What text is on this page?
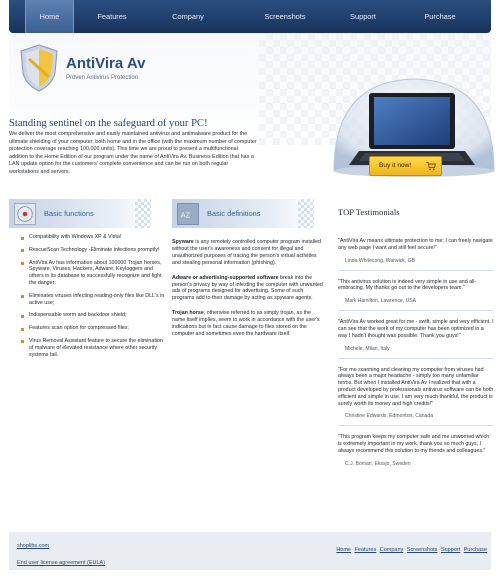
Home	Features	Company	Screenshots	Support	Purchase
AntiVira Av
Proven Antivirus Protection
Standing sentinel on the safeguard of your PC!
We deliver the most comprehensive and easily maintained antivirus and antimalware product for the ultimate shielding of your computer, both home and in the office (with the maximum number of computer protection coverage reaching 100,000 units). This time we are proud to present a multifunctional addition to the Home Edition of our program under the name of AntiVira Av. Business Edition that has a LAN update option for the customers' complete convenience and can be run on both regular workstations and servers.
Buy it now!
Basic functions	AZ Basic definitions	TOP Testimonials
Compatibility with Windows XP & Vista!
RescueScan Technology -Eliminate infections promptly!
AntiVira Av has information about 100000 Trojan horses, Spyware, Viruses, Hackers, Adware, Keyloggers and others in its database to successfully recognize and fight the danger;
Eliminates viruses infecting reading-only files like DLL's in active use;
Indispensable worm and backdoor shield;
Features scan option for compressed files;
Virus Removal Assistant feature to secure the elimination of malware of elevated resistance where other security systems fail.

Spyware is any remotely controlled computer program installed without the user's awareness and consent for illegal and unauthorized purposes of tracing the person's virtual activities and stealing personal information (phishing).

Adware or advertising-supported software break into the person's privacy by way of infesting the computer with unwanted ads of programs designed for advertising. Some of such programs add to their damage by acting as spyware agents.

Trojan horse, otherwise referred to as simply trojan, as the name itself implies, seem to work in accordance with the user's indications but in fact cause damage to files stored on the computer and sometimes even the hardware itself.

"AntiVira Av means ultimate protection to me; I can freely navigate any web page I want and still feel secure!"
Linda Whitecong, Warwick, GB
"This antivirus solution is indeed very simple in use and all-embracing. My thanks go out to the developers team."
Mark Hamilton, Lawrence, USA
"AntiVira Av worked great for me - swift, simple and very efficient. I can see that the work of my computer has been optimized in a way I hadn't thought was possible. Thank you guys!"
Michele, Milan, Italy
"For me scanning and cleaning my computer from viruses had always been a major headache - simply too many unfamiliar terms. But when I installed AntiVira Av I realized that with a product developed by professionals antivirus software can be both efficient and simple in use. I am very much thankful, the product is surely worth its money and high credits!"
Christine Edwards, Edmonton, Canada
"This program keeps my computer safe and me unworried which is extremely important in my work, thank you so much guys, I always recommend this solution to my friends and colleagues."
C.J. Boman, Ekssjo, Sweden
shoplibs.com
End user license agreement (EULA)
Home Features Company Screenshots Support Purchase
